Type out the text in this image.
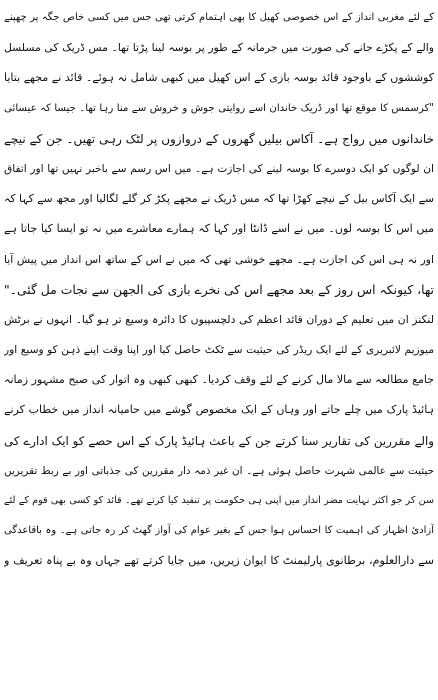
کے لئے مغربی انداز کے اس خصوصی کھیل کا بھی اہتمام کرتی تھی جس میں کسی خاص جگہ پر چھپنے
والے کے پکڑے جانے کی صورت میں جرمانہ کے طور پر بوسہ لینا پڑتا تھا۔ مس ڈریک کی مسلسل
کوششوں کے باوجود قائد بوسہ بازی کے اس کھیل میں کبھی شامل نہ ہوئے۔ قائد نے مجھے بتایا
"کرسمس کا موقع تھا اور ڈریک خاندان اسے روایتی جوش و خروش سے منا رہا تھا۔ جیسا کہ عیسائی
خاندانوں میں رواج ہے۔ آکاس بیلیں گھروں کے دروازوں پر لٹک رہی تھیں۔ جن کے نیچے
ان لوگوں کو ایک دوسرے کا بوسہ لینے کی اجازت ہے۔ میں اس رسم سے باخبر نہیں تھا اور اتفاق
سے ایک آکاس بیل کے نیچے کھڑا تھا کہ مس ڈریک نے مجھے پکڑ کر گلے لگالیا اور مجھ سے کہا کہ
میں اس کا بوسہ لوں۔ میں نے اسے ڈانٹا اور کہا کہ ہمارے معاشرے میں نہ تو ایسا کیا جاتا ہے
اور نہ ہی اس کی اجازت ہے۔ مجھے خوشی تھی کہ میں نے اس کے ساتھ اس انداز میں پیش آیا
تھا، کیونکہ اس روز کے بعد مجھے اس کی نخرے بازی کی الجھن سے نجات مل گئی۔"
لنکنز ان میں تعلیم کے دوران قائد اعظم کی دلچسپیوں کا دائرہ وسیع تر ہو گیا۔ انہوں نے برٹش
میوزیم لائبریری کے لئے ایک ریڈر کی حیثیت سے ٹکٹ حاصل کیا اور اپنا وقت اپنے ذہن کو وسیع اور
جامع مطالعہ سے مالا مال کرنے کے لئے وقف کردیا۔ کبھی کبھی وہ اتوار کی صبح مشہور زمانہ
ہائیڈ پارک میں چلے جاتے اور وہاں کے ایک مخصوص گوشے میں حامیانہ انداز میں خطاب کرنے
والے مقررین کی تقاریر سنا کرتے جن کے باعث ہائیڈ پارک کے اس حصے کو ایک ادارے کی
حیثیت سے عالمی شہرت حاصل ہوئی ہے۔ ان غیر ذمہ دار مقررین کی جذباتی اور بے ربط تقریریں
سن کر جو اکثر نہایت مضر انداز میں اپنی ہی حکومت پر تنقید کیا کرتے تھے۔ قائد کو کسی بھی قوم کے لئے
آزادیٔ اظہار کی اہمیت کا احساس ہوا جس کے بغیر عوام کی آواز گھٹ کر رہ جاتی ہے۔ وہ باقاعدگی
سے دارالعلوم، برطانوی پارلیمنٹ کا ایوان زیریں، میں جایا کرتے تھے جہاں وہ بے پناہ تعریف و
